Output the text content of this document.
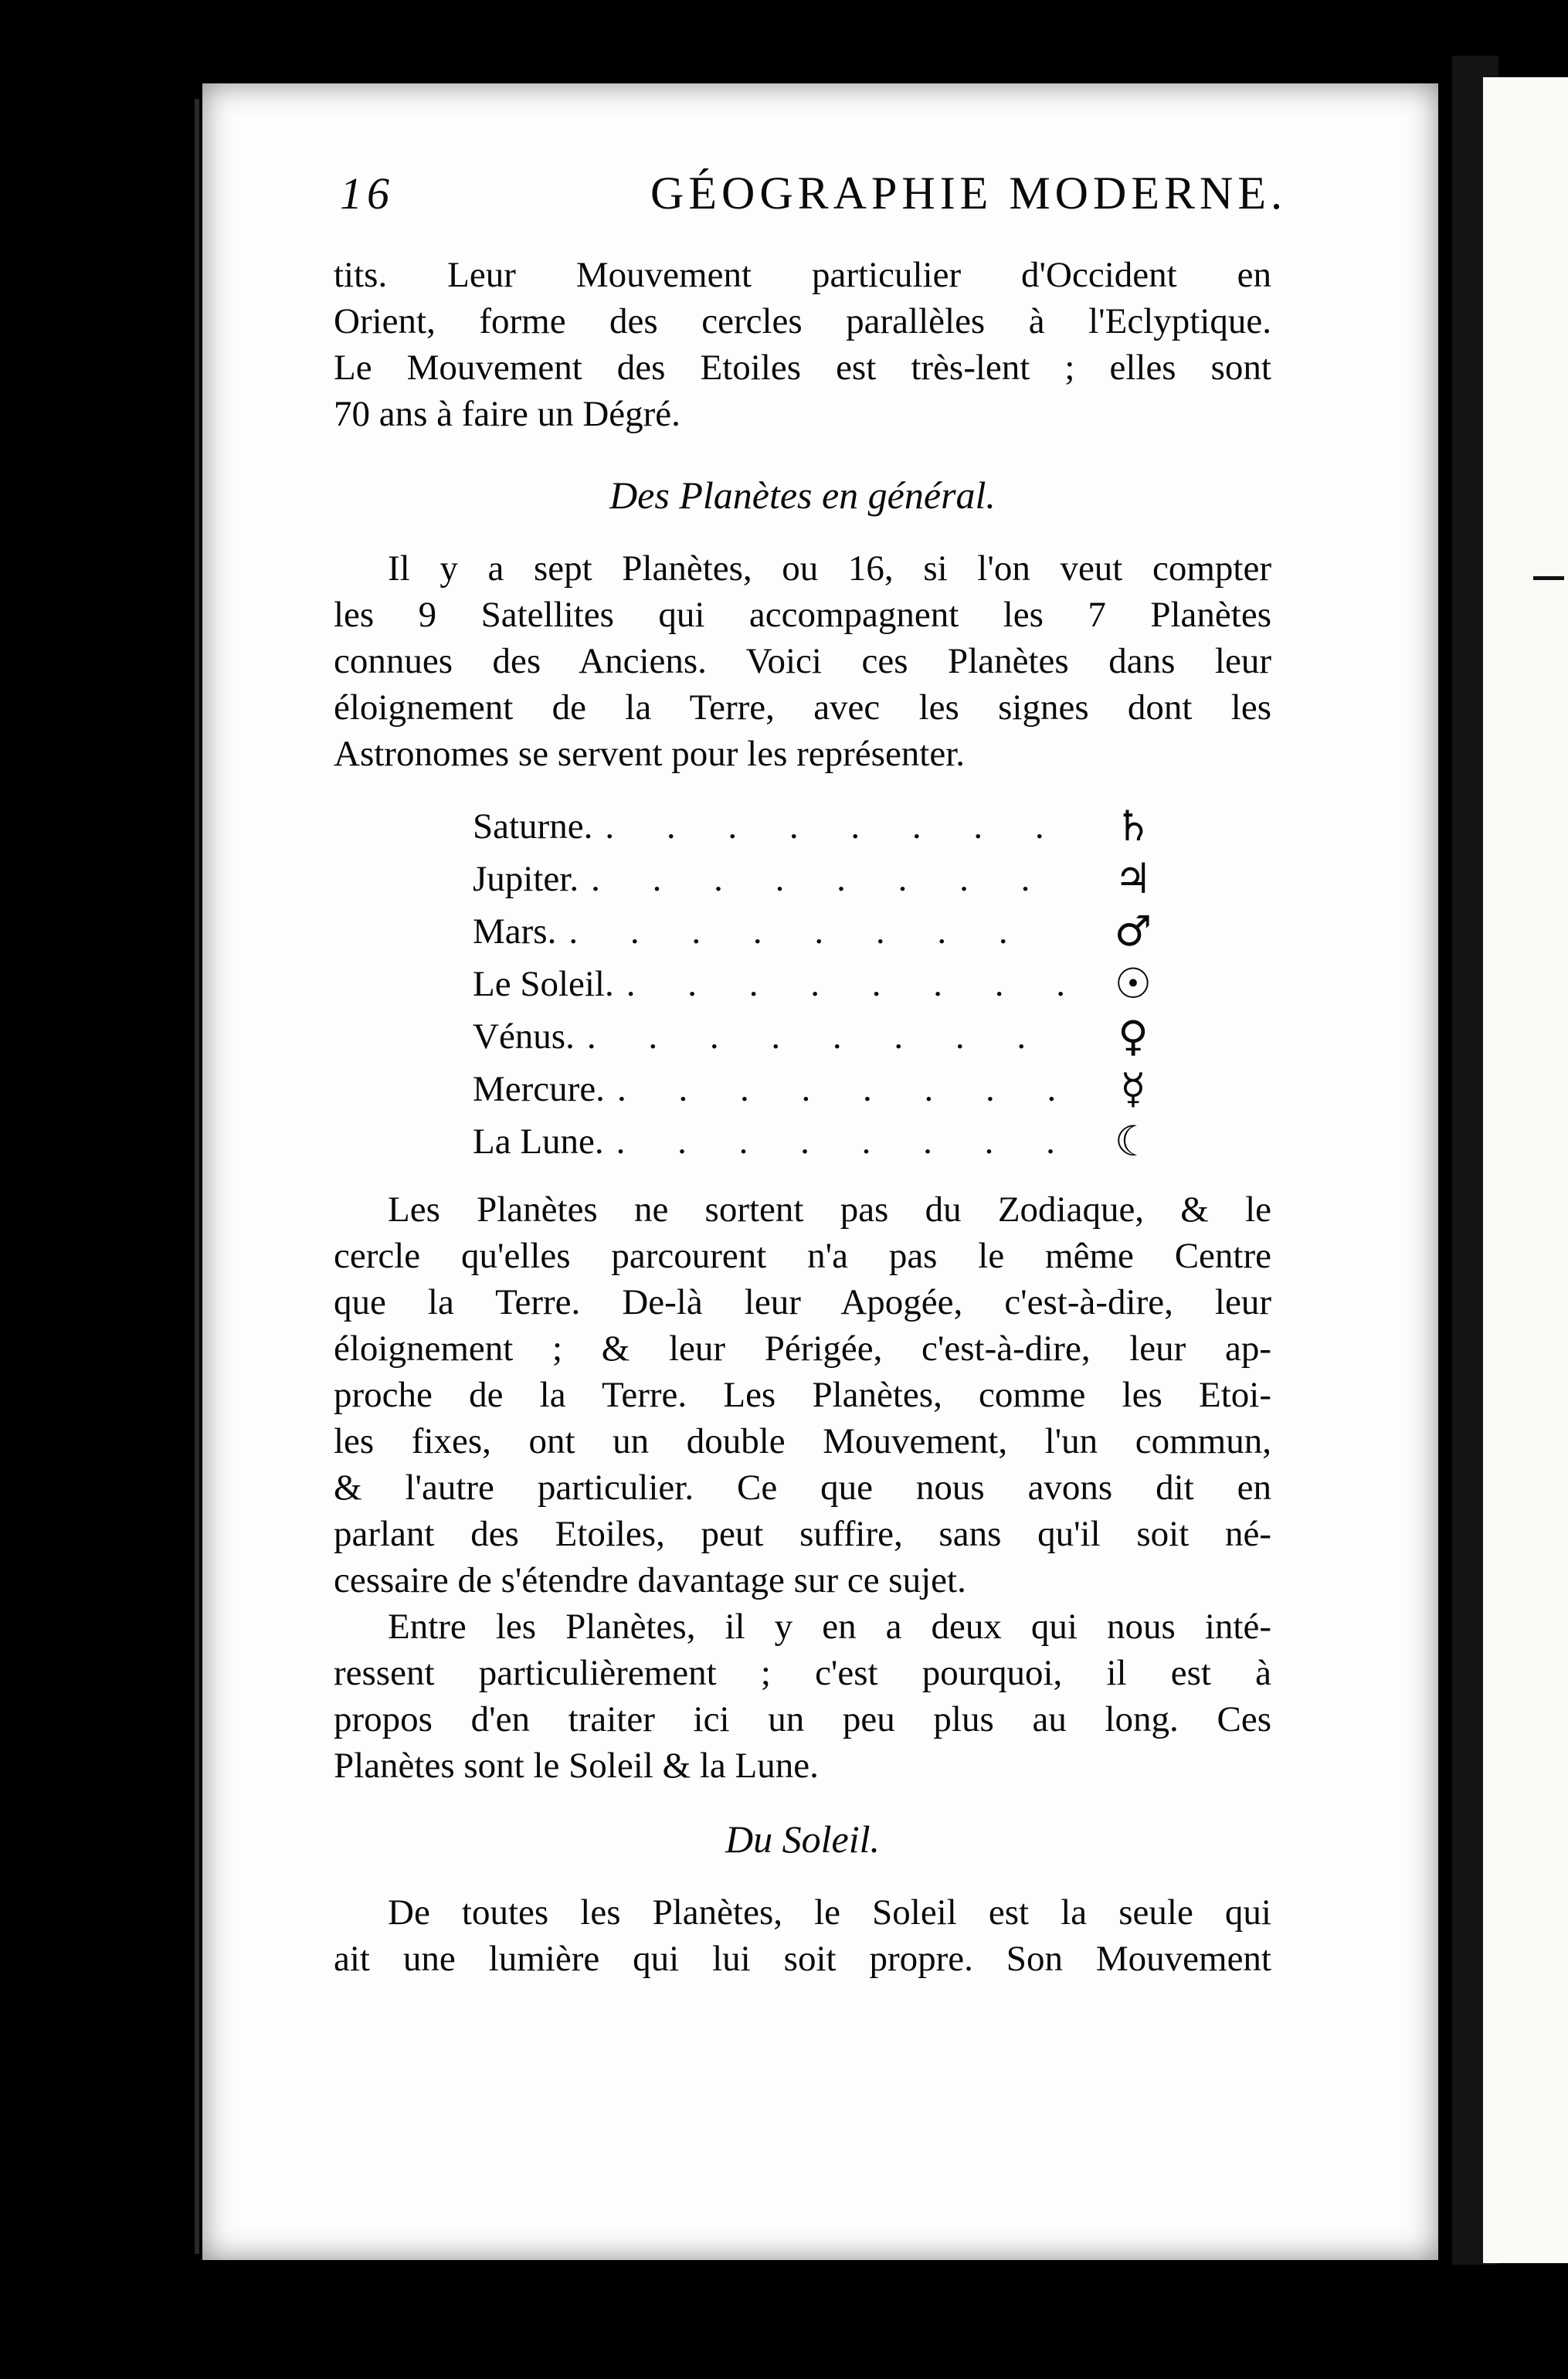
16	GÉOGRAPHIE MODERNE.
tits. Leur Mouvement particulier d'Occident en
Orient, forme des cercles parallèles à l'Eclyptique.
Le Mouvement des Etoiles est très-lent ; elles sont
70 ans à faire un Dégré.
Des Planètes en général.
Il y a sept Planètes, ou 16, si l'on veut compter
les 9 Satellites qui accompagnent les 7 Planètes
connues des Anciens. Voici ces Planètes dans leur
éloignement de la Terre, avec les signes dont les
Astronomes se servent pour les représenter.
Saturne. . . . . . . . .	♄
Jupiter. . . . . . . . .	♃
Mars. . . . . . . . .	♂
Le Soleil. . . . . . . . . ☉
Vénus. . . . . . . . .	♀
Mercure. . . . . . . . .	☿
La Lune. . . . . . . . . ☾
Les Planètes ne sortent pas du Zodiaque, & le
cercle qu'elles parcourent n'a pas le même Centre
que la Terre. De-là leur Apogée, c'est-à-dire, leur
éloignement ; & leur Périgée, c'est-à-dire, leur ap-
proche de la Terre. Les Planètes, comme les Etoi-
les fixes, ont un double Mouvement, l'un commun,
& l'autre particulier. Ce que nous avons dit en
parlant des Etoiles, peut suffire, sans qu'il soit né-
cessaire de s'étendre davantage sur ce sujet.
Entre les Planètes, il y en a deux qui nous inté-
ressent particulièrement ; c'est pourquoi, il est à
propos d'en traiter ici un peu plus au long. Ces
Planètes sont le Soleil & la Lune.
Du Soleil.
De toutes les Planètes, le Soleil est la seule qui
ait une lumière qui lui soit propre. Son Mouvement
